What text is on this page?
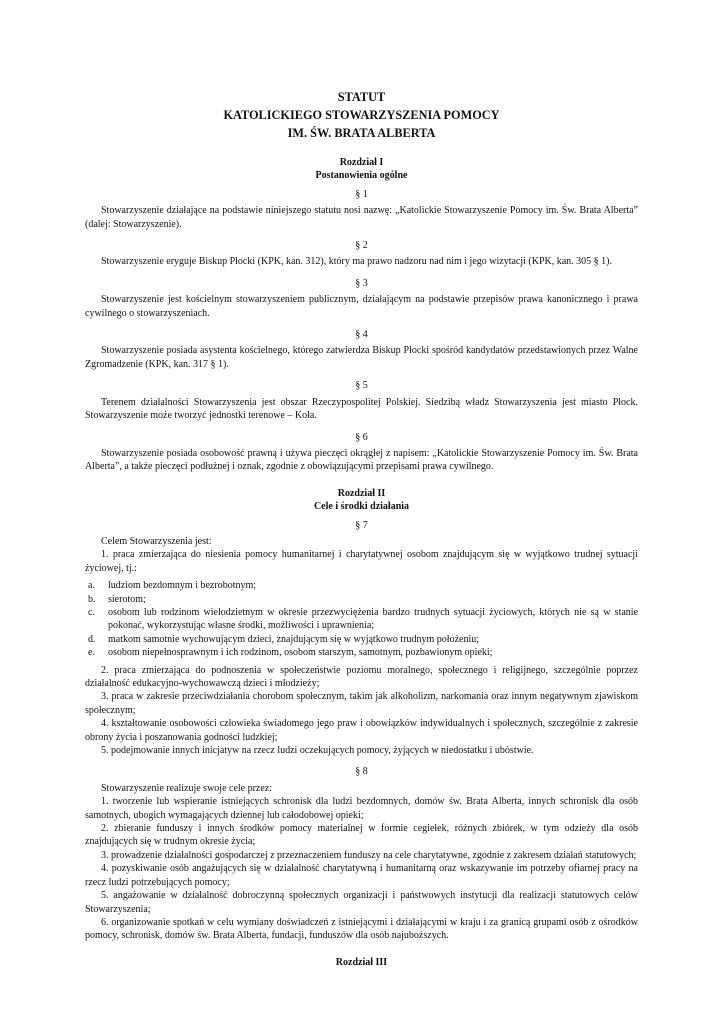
STATUT

KATOLICKIEGO STOWARZYSZENIA POMOCY

IM. ŚW. BRATA ALBERTA

Rozdział I

Postanowienia ogólne

§ 1

Stowarzyszenie działające na podstawie niniejszego statutu nosi nazwę: „Katolickie Stowarzyszenie Pomocy im. Św. Brata Alberta” (dalej: Stowarzyszenie).

§ 2

Stowarzyszenie eryguje Biskup Płocki (KPK, kan. 312), który ma prawo nadzoru nad nim i jego wizytacji (KPK, kan. 305 § 1).

§ 3

Stowarzyszenie jest kościelnym stowarzyszeniem publicznym, działającym na podstawie przepisów prawa kanonicznego i prawa cywilnego o stowarzyszeniach.

§ 4

Stowarzyszenie posiada asystenta kościelnego, którego zatwierdza Biskup Płocki spośród kandydatów przedstawionych przez Walne Zgromadzenie (KPK, kan. 317 § 1).

§ 5

Terenem działalności Stowarzyszenia jest obszar Rzeczypospolitej Polskiej. Siedzibą władz Stowarzyszenia jest miasto Płock. Stowarzyszenie może tworzyć jednostki terenowe – Koła.

§ 6

Stowarzyszenie posiada osobowość prawną i używa pieczęci okrągłej z napisem: „Katolickie Stowarzyszenie Pomocy im. Św. Brata Alberta”, a także pieczęci podłużnej i oznak, zgodnie z obowiązującymi przepisami prawa cywilnego.

Rozdział II

Cele i środki działania

§ 7

Celem Stowarzyszenia jest:

1. praca zmierzająca do niesienia pomocy humanitarnej i charytatywnej osobom znajdującym się w wyjątkowo trudnej sytuacji życiowej, tj.:

a. ludziom bezdomnym i bezrobotnym;
b. sierotom;
c. osobom lub rodzinom wielodzietnym w okresie przezwyciężenia bardzo trudnych sytuacji życiowych, których nie są w stanie pokonać, wykorzystując własne środki, możliwości i uprawnienia;
d. matkom samotnie wychowującym dzieci, znajdującym się w wyjątkowo trudnym położeniu;
e. osobom niepełnosprawnym i ich rodzinom, osobom starszym, samotnym, pozbawionym opieki;

2. praca zmierzająca do podnoszenia w społeczeństwie poziomu moralnego, społecznego i religijnego, szczególnie poprzez działalność edukacyjno-wychowawczą dzieci i młodzieży;

3. praca w zakresie przeciwdziałania chorobom społecznym, takim jak alkoholizm, narkomania oraz innym negatywnym zjawiskom społecznym;

4. kształtowanie osobowości człowieka świadomego jego praw i obowiązków indywidualnych i społecznych, szczególnie z zakresie obrony życia i poszanowania godności ludzkiej;

5. podejmowanie innych inicjatyw na rzecz ludzi oczekujących pomocy, żyjących w niedostatku i ubóstwie.

§ 8

Stowarzyszenie realizuje swoje cele przez:

1. tworzenie lub wspieranie istniejących schronisk dla ludzi bezdomnych, domów św. Brata Alberta, innych schronisk dla osób samotnych, ubogich wymagających dziennej lub całodobowej opieki;

2. zbieranie funduszy i innych środków pomocy materialnej w formie cegiełek, różnych zbiórek, w tym odzieży dla osób znajdujących się w trudnym okresie życia;

3. prowadzenie działalności gospodarczej z przeznaczeniem funduszy na cele charytatywne, zgodnie z zakresem działań statutowych;

4. pozyskiwanie osób angażujących się w działalność charytatywną i humanitarną oraz wskazywanie im potrzeby ofiarnej pracy na rzecz ludzi potrzebujących pomocy;

5. angażowanie w działalność dobroczynną społecznych organizacji i państwowych instytucji dla realizacji statutowych celów Stowarzyszenia;

6. organizowanie spotkań w celu wymiany doświadczeń z istniejącymi i działającymi w kraju i za granicą grupami osób z ośrodków pomocy, schronisk, domów św. Brata Alberta, fundacji, funduszów dla osób najuboższych.

Rozdział III
